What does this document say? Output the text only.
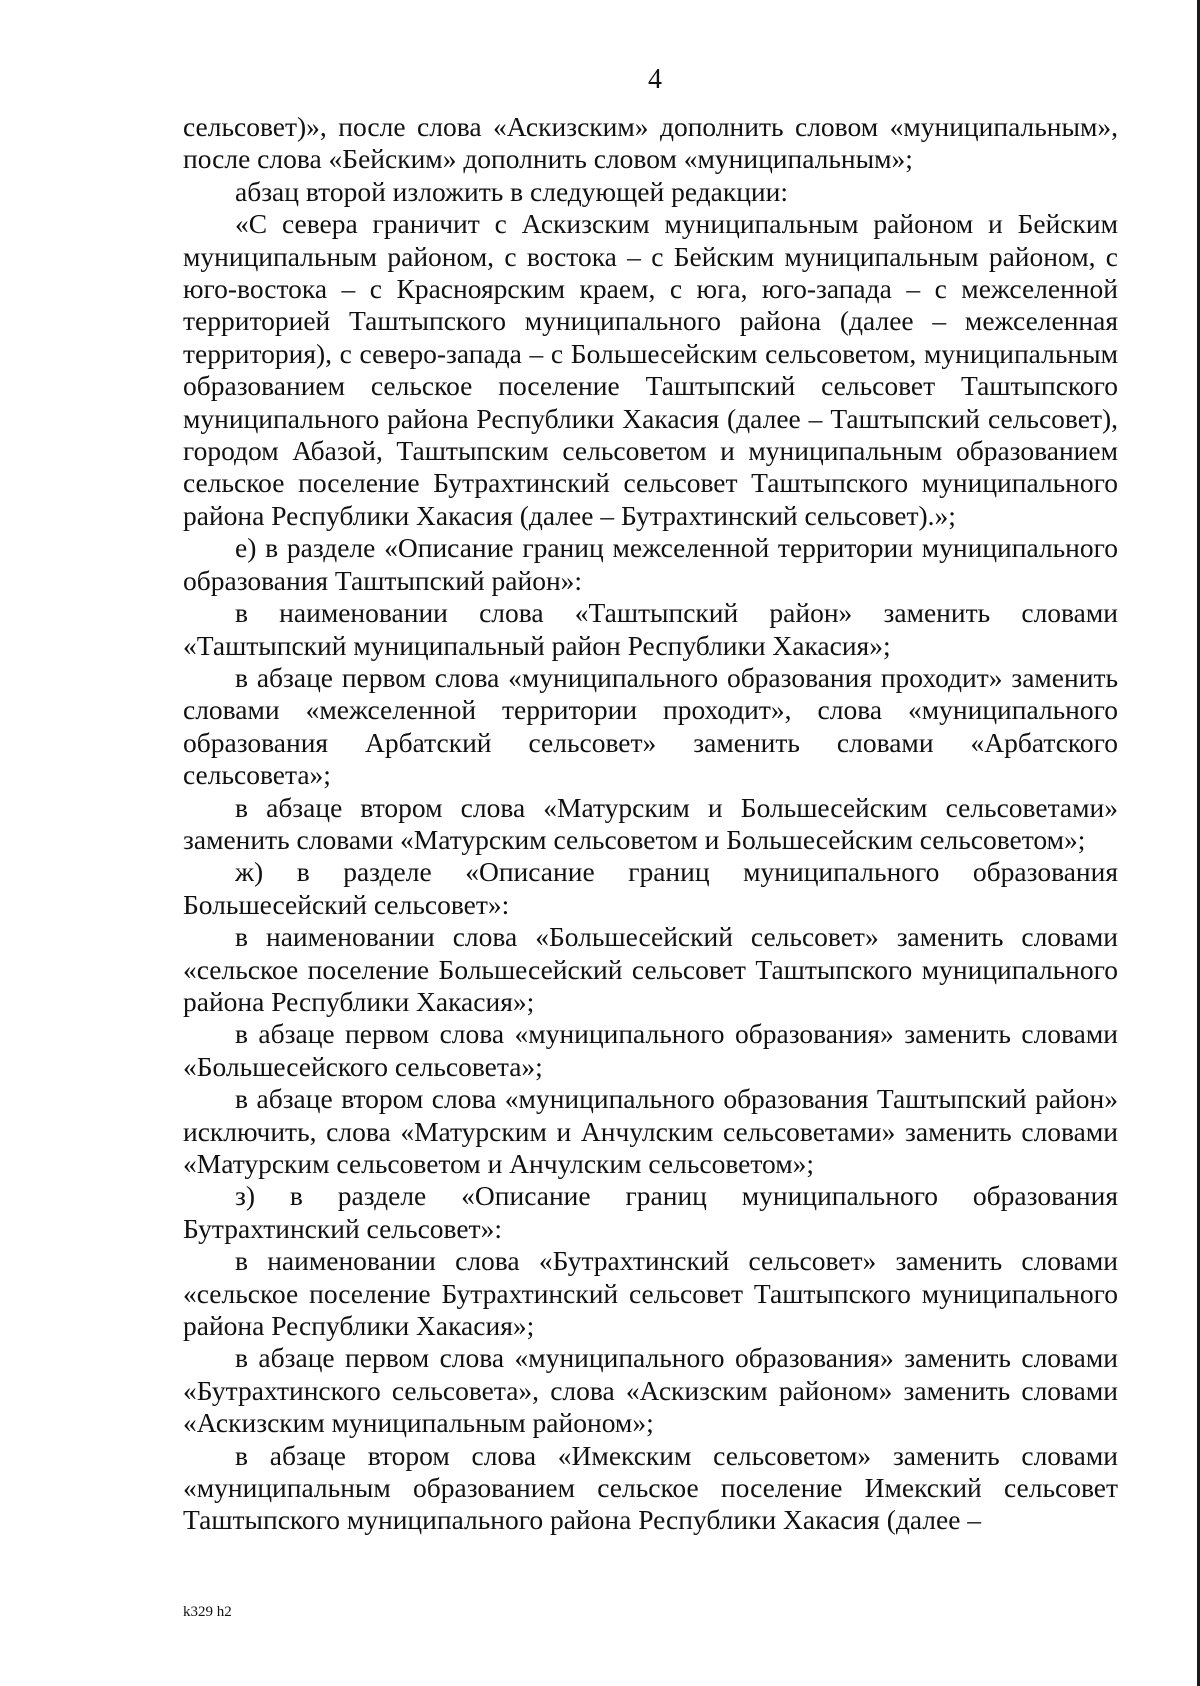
4

сельсовет)», после слова «Аскизским» дополнить словом «муниципальным», после слова «Бейским» дополнить словом «муниципальным»;

абзац второй изложить в следующей редакции:

«С севера граничит с Аскизским муниципальным районом и Бейским муниципальным районом, с востока – с Бейским муниципальным районом, с юго-востока – с Красноярским краем, с юга, юго-запада – с межселенной территорией Таштыпского муниципального района (далее – межселенная территория), с северо-запада – с Большесейским сельсоветом, муниципальным образованием сельское поселение Таштыпский сельсовет Таштыпского муниципального района Республики Хакасия (далее – Таштыпский сельсовет), городом Абазой, Таштыпским сельсоветом и муниципальным образованием сельское поселение Бутрахтинский сельсовет Таштыпского муниципального района Республики Хакасия (далее – Бутрахтинский сельсовет).»;

е) в разделе «Описание границ межселенной территории муниципального образования Таштыпский район»:

в наименовании слова «Таштыпский район» заменить словами «Таштыпский муниципальный район Республики Хакасия»;

в абзаце первом слова «муниципального образования проходит» заменить словами «межселенной территории проходит», слова «муниципального образования Арбатский сельсовет» заменить словами «Арбатского сельсовета»;

в абзаце втором слова «Матурским и Большесейским сельсоветами» заменить словами «Матурским сельсоветом и Большесейским сельсоветом»;

ж) в разделе «Описание границ муниципального образования Большесейский сельсовет»:

в наименовании слова «Большесейский сельсовет» заменить словами «сельское поселение Большесейский сельсовет Таштыпского муниципального района Республики Хакасия»;

в абзаце первом слова «муниципального образования» заменить словами «Большесейского сельсовета»;

в абзаце втором слова «муниципального образования Таштыпский район» исключить, слова «Матурским и Анчулским сельсоветами» заменить словами «Матурским сельсоветом и Анчулским сельсоветом»;

з) в разделе «Описание границ муниципального образования Бутрахтинский сельсовет»:

в наименовании слова «Бутрахтинский сельсовет» заменить словами «сельское поселение Бутрахтинский сельсовет Таштыпского муниципального района Республики Хакасия»;

в абзаце первом слова «муниципального образования» заменить словами «Бутрахтинского сельсовета», слова «Аскизским районом» заменить словами «Аскизским муниципальным районом»;

в абзаце втором слова «Имекским сельсоветом» заменить словами «муниципальным образованием сельское поселение Имекский сельсовет Таштыпского муниципального района Республики Хакасия (далее –

k329 h2
